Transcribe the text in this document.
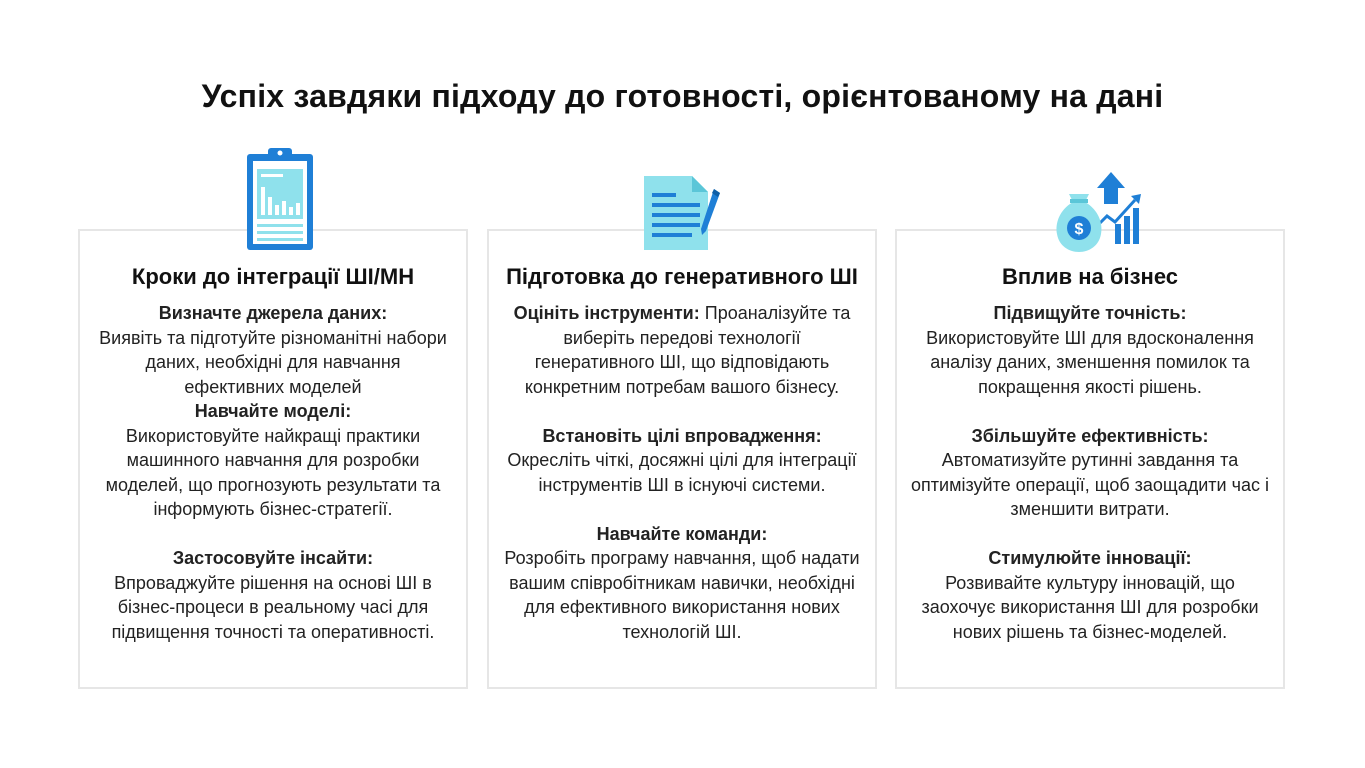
Успіх завдяки підходу до готовності, орієнтованому на дані
Кроки до інтеграції ШІ/МН

Визначте джерела даних:
Виявіть та підготуйте різноманітні набори даних, необхідні для навчання ефективних моделей

Навчайте моделі:
Використовуйте найкращі практики машинного навчання для розробки моделей, що прогнозують результати та інформують бізнес-стратегії.

Застосовуйте інсайти:
Впроваджуйте рішення на основі ШІ в бізнес-процеси в реальному часі для підвищення точності та оперативності.

Підготовка до генеративного ШІ

Оцініть інструменти: Проаналізуйте та виберіть передові технології генеративного ШІ, що відповідають конкретним потребам вашого бізнесу.

Встановіть цілі впровадження:
Окресліть чіткі, досяжні цілі для інтеграції інструментів ШІ в існуючі системи.

Навчайте команди:
Розробіть програму навчання, щоб надати вашим співробітникам навички, необхідні для ефективного використання нових технологій ШІ.

Вплив на бізнес

Підвищуйте точність:
Використовуйте ШІ для вдосконалення аналізу даних, зменшення помилок та покращення якості рішень.

Збільшуйте ефективність:
Автоматизуйте рутинні завдання та оптимізуйте операції, щоб заощадити час і зменшити витрати.

Стимулюйте інновації:
Розвивайте культуру інновацій, що заохочує використання ШІ для розробки нових рішень та бізнес-моделей.

$
